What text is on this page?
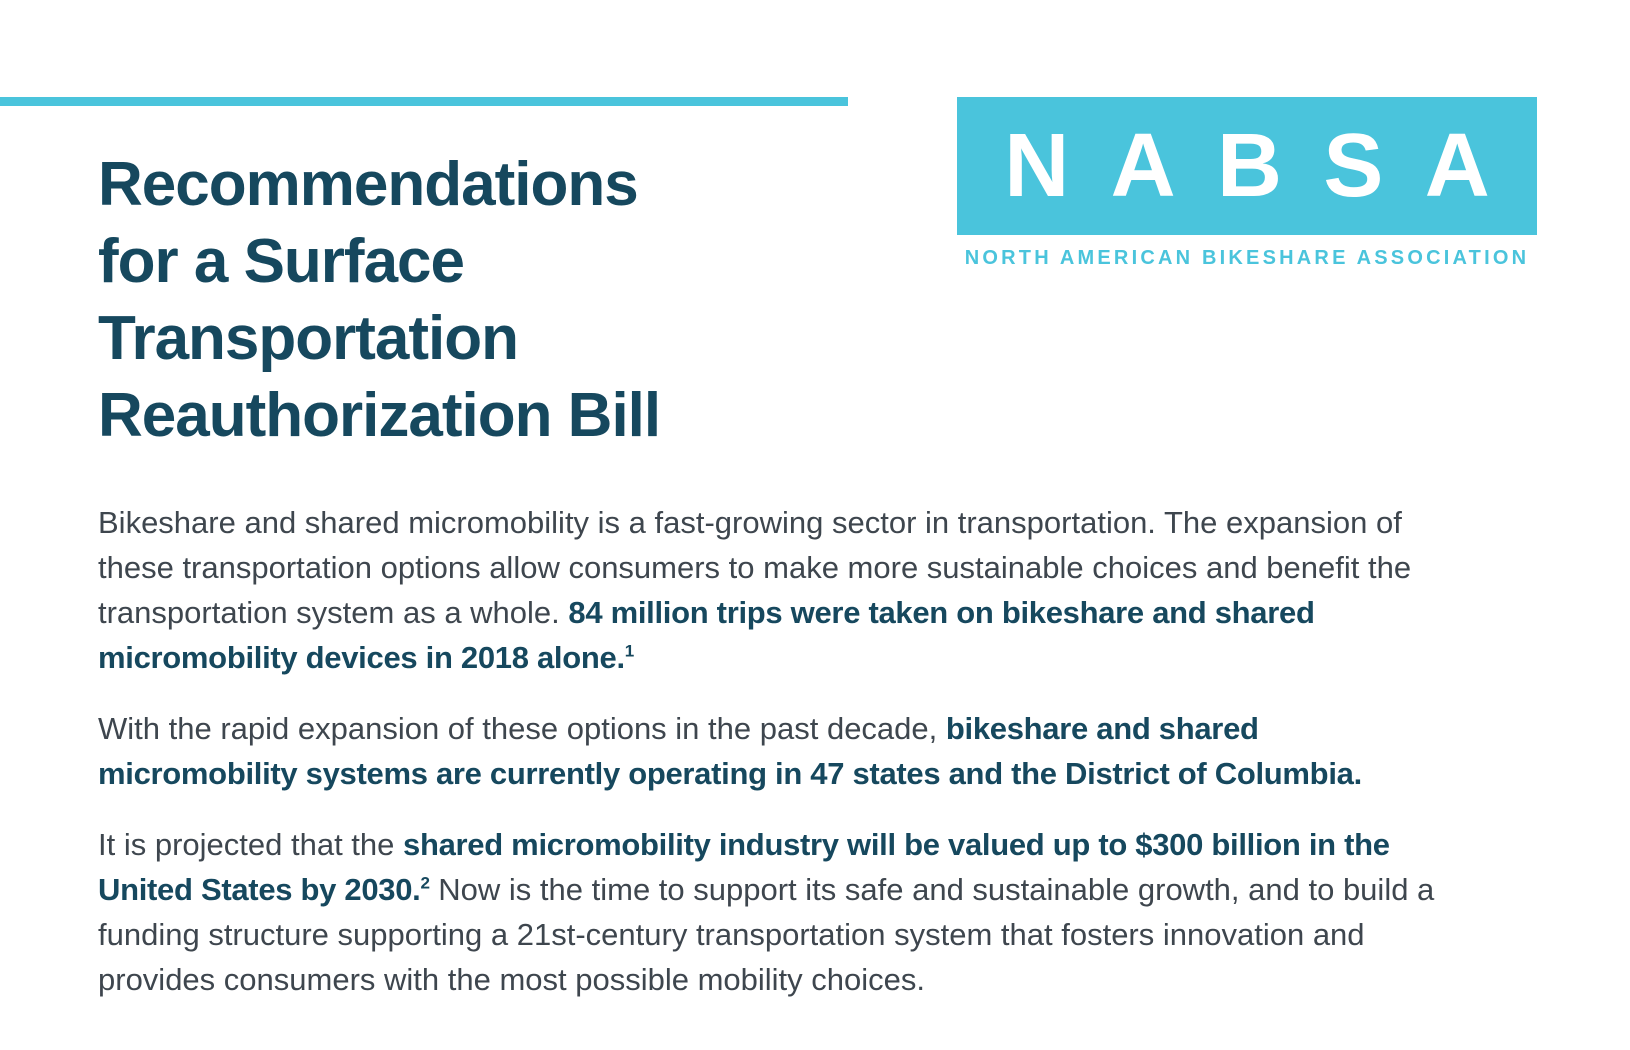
NABSA
NORTH AMERICAN BIKESHARE ASSOCIATION
Recommendations
for a Surface
Transportation
Reauthorization Bill

Bikeshare and shared micromobility is a fast-growing sector in transportation. The expansion of these transportation options allow consumers to make more sustainable choices and benefit the transportation system as a whole. 84 million trips were taken on bikeshare and shared micromobility devices in 2018 alone.$^1$

With the rapid expansion of these options in the past decade, bikeshare and shared micromobility systems are currently operating in 47 states and the District of Columbia.

It is projected that the shared micromobility industry will be valued up to $300 billion in the United States by 2030.$^2$ Now is the time to support its safe and sustainable growth, and to build a funding structure supporting a 21st-century transportation system that fosters innovation and provides consumers with the most possible mobility choices.
